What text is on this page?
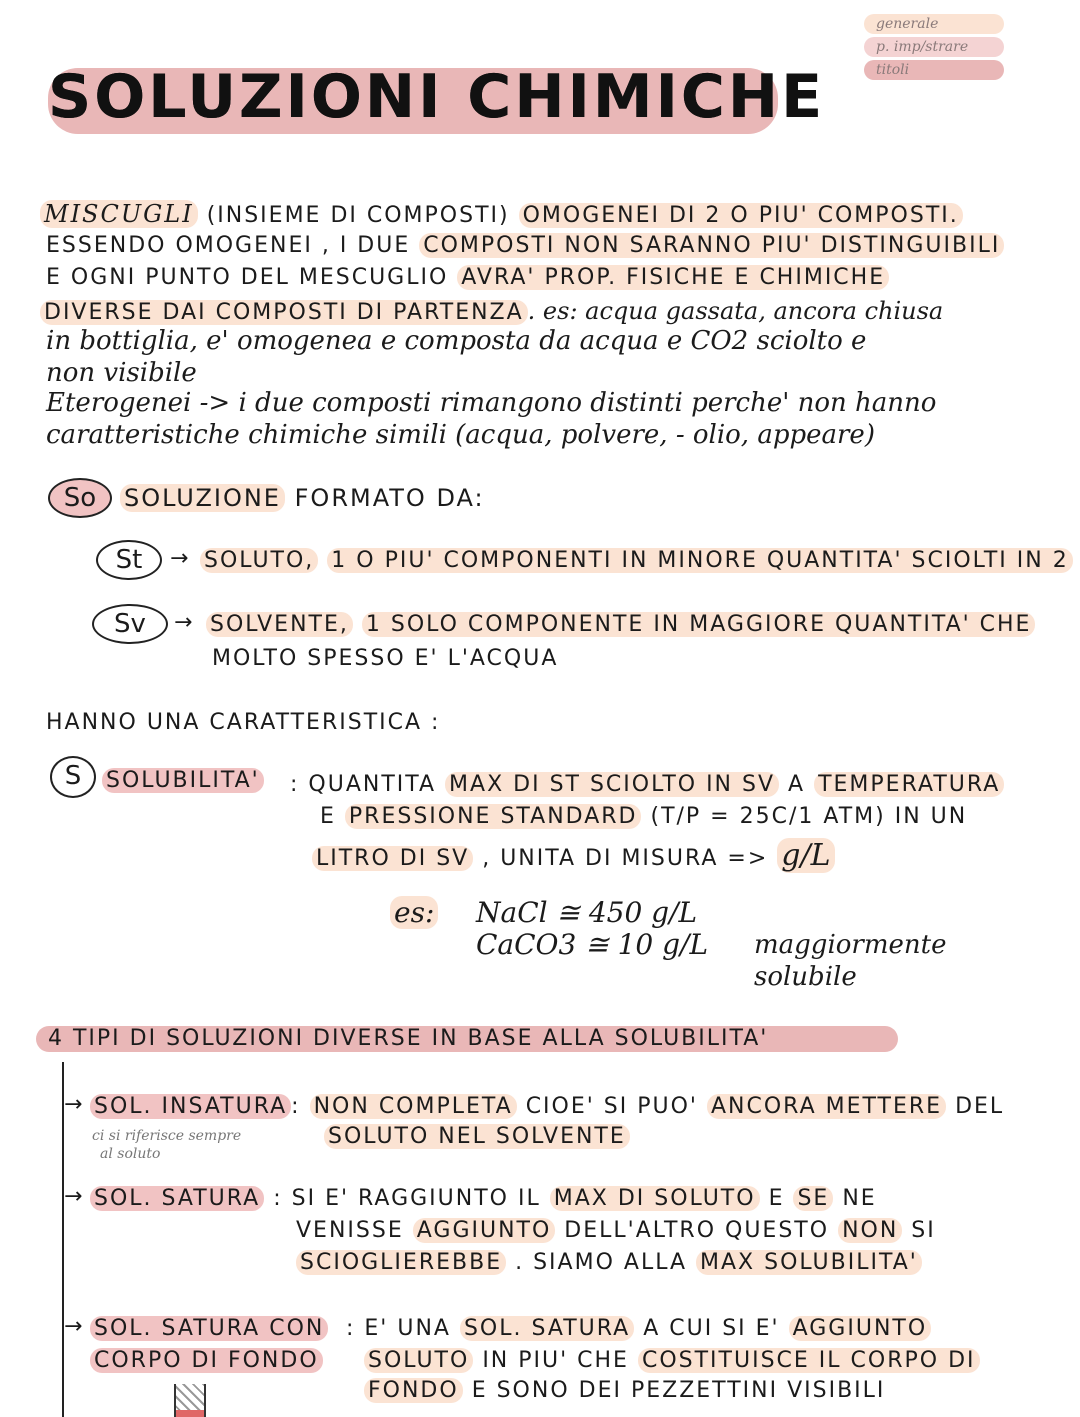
generale
p. imp/strare
titoli
SOLUZIONI CHIMICHE
MISCUGLI (INSIEME DI COMPOSTI) OMOGENEI DI 2 O PIU' COMPOSTI.
ESSENDO OMOGENEI , I DUE COMPOSTI NON SARANNO PIU' DISTINGUIBILI
E OGNI PUNTO DEL MESCUGLIO AVRA' PROP. FISICHE E CHIMICHE
DIVERSE DAI COMPOSTI DI PARTENZA . es: acqua gassata, ancora chiusa
in bottiglia, e' omogenea e composta da acqua e CO2 sciolto e
non visibile
Eterogenei -> i due composti rimangono distinti perche' non hanno
caratteristiche chimiche simili (acqua, polvere, - olio, appeare)
So	SOLUZIONE FORMATO DA:
St	→ SOLUTO, 1 O PIU' COMPONENTI IN MINORE QUANTITA' SCIOLTI IN 2
Sv	→ SOLVENTE, 1 SOLO COMPONENTE IN MAGGIORE QUANTITA' CHE
MOLTO SPESSO E' L'ACQUA
HANNO UNA CARATTERISTICA :
S	SOLUBILITA' : QUANTITA MAX DI ST SCIOLTO IN SV A TEMPERATURA
E PRESSIONE STANDARD (T/P = 25C/1 ATM) IN UN
LITRO DI SV , UNITA DI MISURA => g/L
es: NaCl ≅ 450 g/L
CaCO3 ≅ 10 g/L maggiormente
solubile
4 TIPI DI SOLUZIONI DIVERSE IN BASE ALLA SOLUBILITA'
→ SOL. INSATURA : NON COMPLETA CIOE' SI PUO' ANCORA METTERE DEL
SOLUTO NEL SOLVENTE
ci si riferisce sempre
al soluto
→ SOL. SATURA : SI E' RAGGIUNTO IL MAX DI SOLUTO E SE NE
VENISSE AGGIUNTO DELL'ALTRO QUESTO NON SI
SCIOGLIEREBBE . SIAMO ALLA MAX SOLUBILITA'
→ SOL. SATURA CON
CORPO DI FONDO
: E' UNA SOL. SATURA A CUI SI E' AGGIUNTO
SOLUTO IN PIU' CHE COSTITUISCE IL CORPO DI
FONDO E SONO DEI PEZZETTINI VISIBILI
